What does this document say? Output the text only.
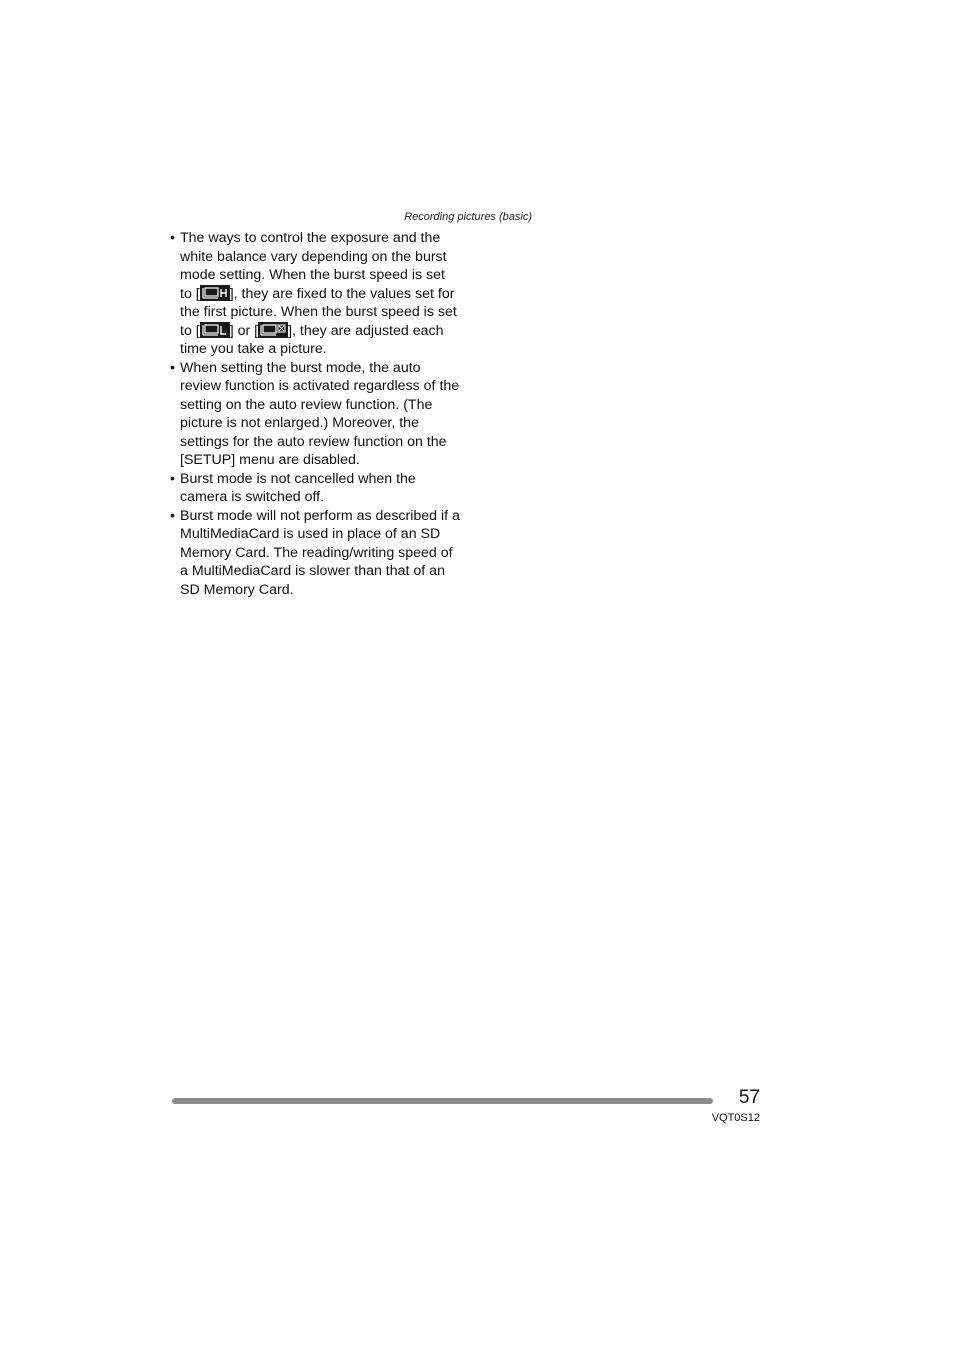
Recording pictures (basic)
• The ways to control the exposure and the white balance vary depending on the burst mode setting. When the burst speed is set to [ ], they are fixed to the values set for the first picture. When the burst speed is set to [ ] or [ ], they are adjusted each time you take a picture.
• When setting the burst mode, the auto review function is activated regardless of the setting on the auto review function. (The picture is not enlarged.) Moreover, the settings for the auto review function on the [SETUP] menu are disabled.
• Burst mode is not cancelled when the camera is switched off.
• Burst mode will not perform as described if a MultiMediaCard is used in place of an SD Memory Card. The reading/writing speed of a MultiMediaCard is slower than that of an SD Memory Card.
57
VQT0S12
